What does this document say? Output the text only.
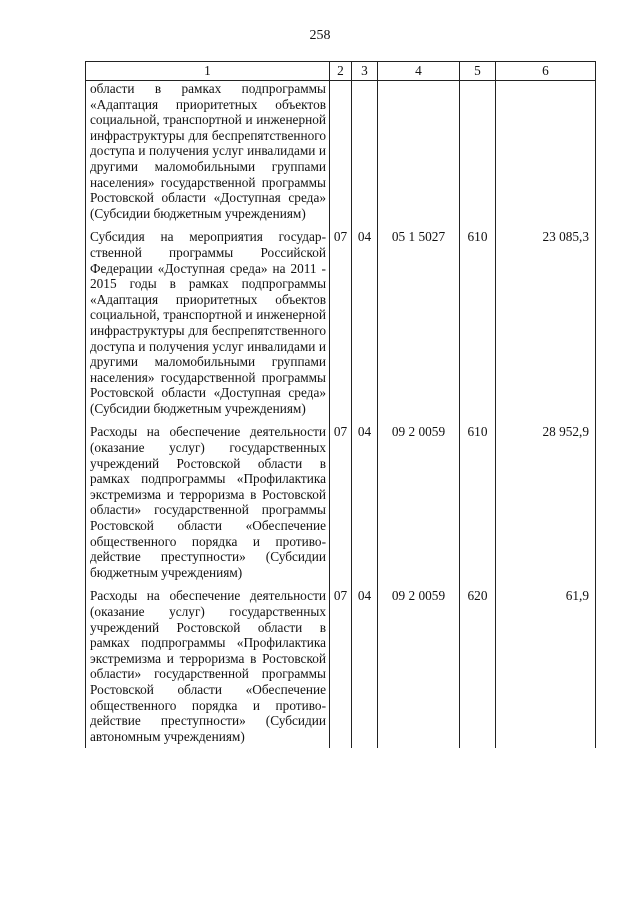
258
1	2	3	4	5	6
области в рамках подпрограммы «Адаптация приоритетных объектов социальной, транспортной и инженерной инфраструктуры для беспрепятственного доступа и получения услуг инвалидами и другими маломобильными группами населения» государственной программы Ростовской области «Доступная среда» (Субсидии бюджетным учреждениям)					
Субсидия на мероприятия государственной программы Российской Федерации «Доступная среда» на 2011 - 2015 годы в рамках подпрограммы «Адаптация приоритетных объектов социальной, транспортной и инженерной инфраструктуры для беспрепятственного доступа и получения услуг инвалидами и другими маломобильными группами населения» государственной программы Ростовской области «Доступная среда» (Субсидии бюджетным учреждениям)	07	04	05 1 5027	610	23 085,3
Расходы на обеспечение деятельности (оказание услуг) государственных учреждений Ростовской области в рамках подпрограммы «Профилактика экстремизма и терроризма в Ростовской области» государственной программы Ростовской области «Обеспечение общественного порядка и противодействие преступности» (Субсидии бюджетным учреждениям)	07	04	09 2 0059	610	28 952,9
Расходы на обеспечение деятельности (оказание услуг) государственных учреждений Ростовской области в рамках подпрограммы «Профилактика экстремизма и терроризма в Ростовской области» государственной программы Ростовской области «Обеспечение общественного порядка и противодействие преступности» (Субсидии автономным учреждениям)	07	04	09 2 0059	620	61,9
